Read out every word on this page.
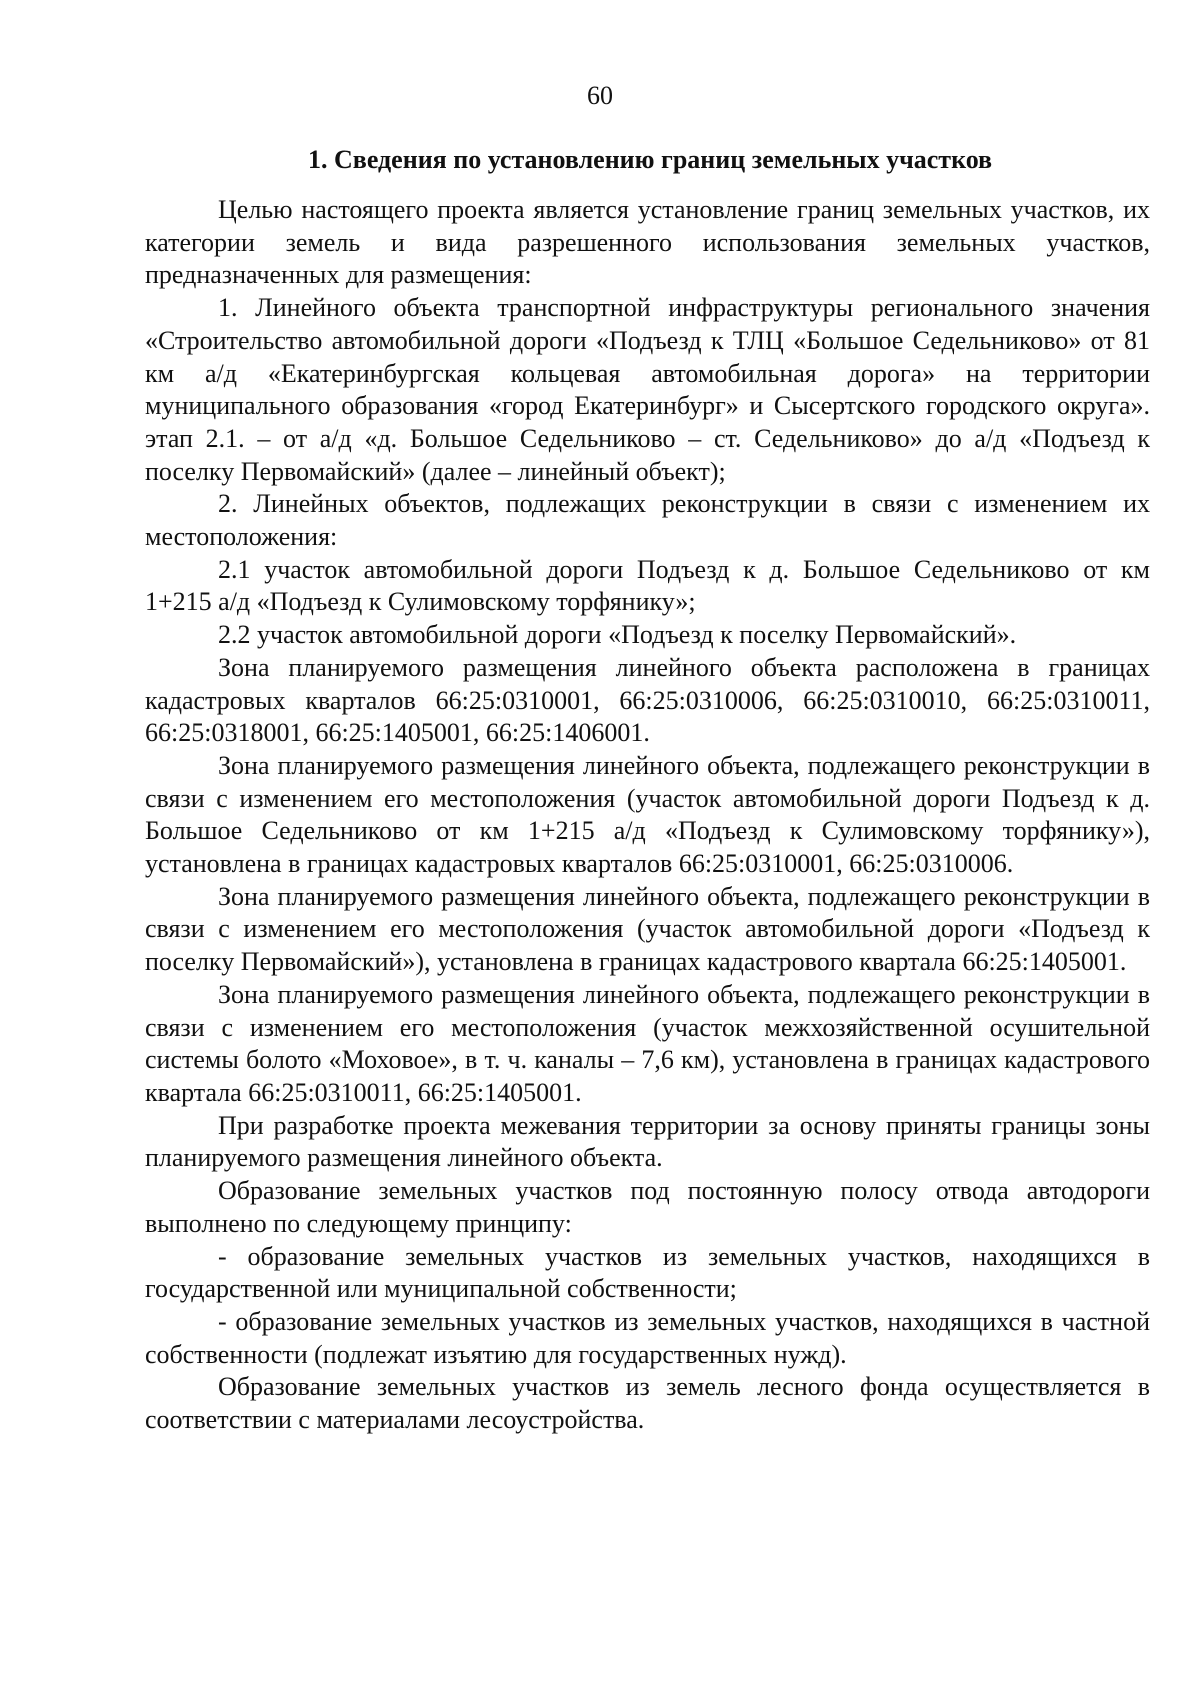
60
1. Сведения по установлению границ земельных участков

Целью настоящего проекта является установление границ земельных участков, их категории земель и вида разрешенного использования земельных участков, предназначенных для размещения:

1. Линейного объекта транспортной инфраструктуры регионального значения «Строительство автомобильной дороги «Подъезд к ТЛЦ «Большое Седельниково» от 81 км а/д «Екатеринбургская кольцевая автомобильная дорога» на территории муниципального образования «город Екатеринбург» и Сысертского городского округа». этап 2.1. – от а/д «д. Большое Седельниково – ст. Седельниково» до а/д «Подъезд к поселку Первомайский» (далее – линейный объект);

2. Линейных объектов, подлежащих реконструкции в связи с изменением их местоположения:

2.1 участок автомобильной дороги Подъезд к д. Большое Седельниково от км 1+215 а/д «Подъезд к Сулимовскому торфянику»;

2.2 участок автомобильной дороги «Подъезд к поселку Первомайский».

Зона планируемого размещения линейного объекта расположена в границах кадастровых кварталов 66:25:0310001, 66:25:0310006, 66:25:0310010, 66:25:0310011, 66:25:0318001, 66:25:1405001, 66:25:1406001.

Зона планируемого размещения линейного объекта, подлежащего реконструкции в связи с изменением его местоположения (участок автомобильной дороги Подъезд к д. Большое Седельниково от км 1+215 а/д «Подъезд к Сулимовскому торфянику»), установлена в границах кадастровых кварталов 66:25:0310001, 66:25:0310006.

Зона планируемого размещения линейного объекта, подлежащего реконструкции в связи с изменением его местоположения (участок автомобильной дороги «Подъезд к поселку Первомайский»), установлена в границах кадастрового квартала 66:25:1405001.

Зона планируемого размещения линейного объекта, подлежащего реконструкции в связи с изменением его местоположения (участок межхозяйственной осушительной системы болото «Моховое», в т. ч. каналы – 7,6 км), установлена в границах кадастрового квартала 66:25:0310011, 66:25:1405001.

При разработке проекта межевания территории за основу приняты границы зоны планируемого размещения линейного объекта.

Образование земельных участков под постоянную полосу отвода автодороги выполнено по следующему принципу:

- образование земельных участков из земельных участков, находящихся в государственной или муниципальной собственности;

- образование земельных участков из земельных участков, находящихся в частной собственности (подлежат изъятию для государственных нужд).

Образование земельных участков из земель лесного фонда осуществляется в соответствии с материалами лесоустройства.
